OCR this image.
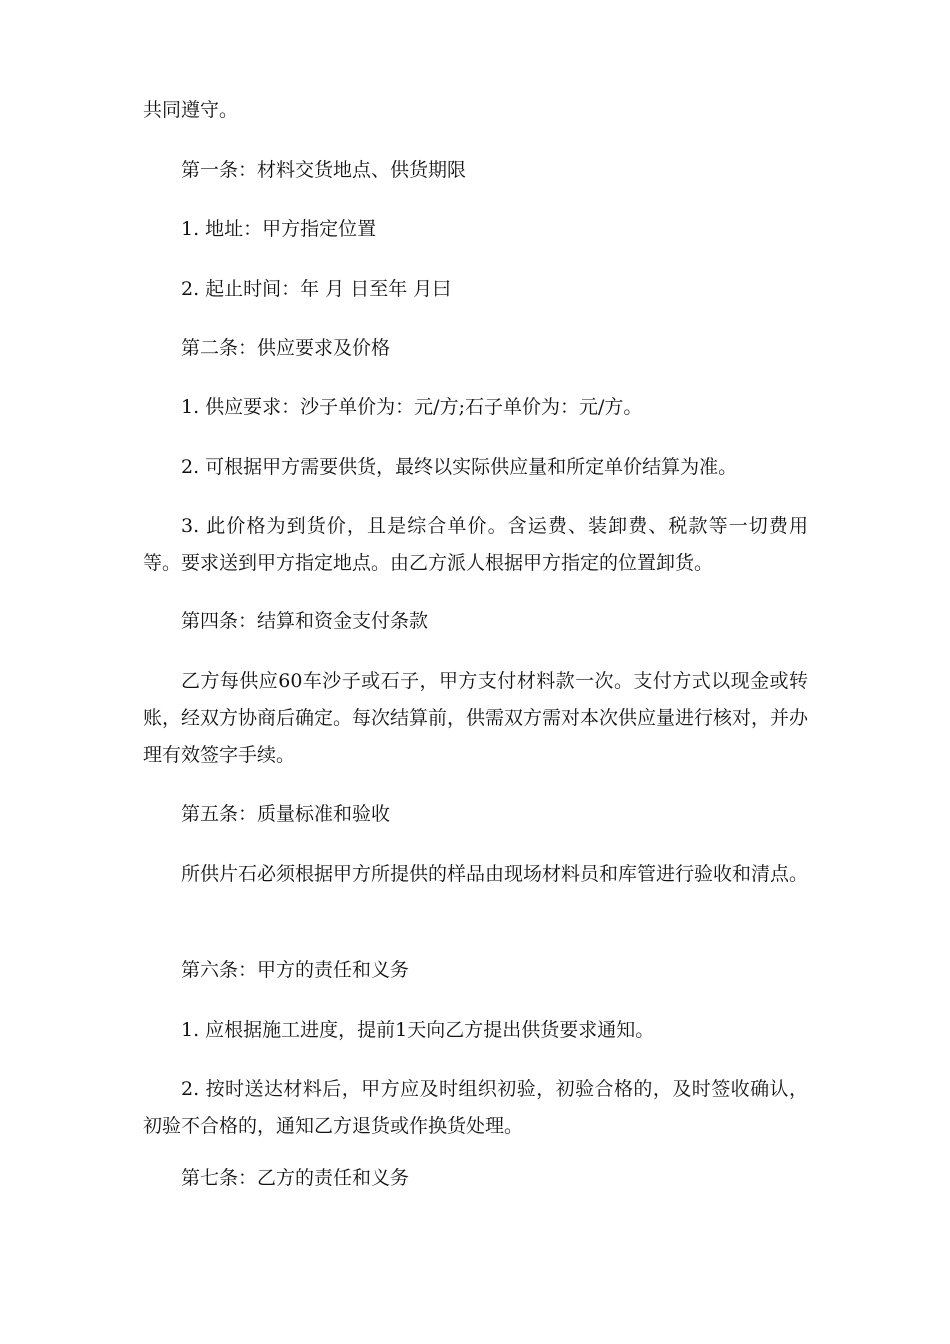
共同遵守。

第一条：材料交货地点、供货期限

1. 地址：甲方指定位置

2. 起止时间：年 月 日至年 月曰

第二条：供应要求及价格

1. 供应要求：沙子单价为：元/方;石子单价为：元/方。

2. 可根据甲方需要供货，最终以实际供应量和所定单价结算为准。

3. 此价格为到货价，且是综合单价。含运费、装卸费、税款等一切费用等。要求送到甲方指定地点。由乙方派人根据甲方指定的位置卸货。

第四条：结算和资金支付条款

乙方每供应60车沙子或石子，甲方支付材料款一次。支付方式以现金或转账，经双方协商后确定。每次结算前，供需双方需对本次供应量进行核对，并办理有效签字手续。

第五条：质量标准和验收

所供片石必须根据甲方所提供的样品由现场材料员和库管进行验收和清点。

第六条：甲方的责任和义务

1. 应根据施工进度，提前1天向乙方提出供货要求通知。

2. 按时送达材料后，甲方应及时组织初验，初验合格的，及时签收确认，初验不合格的，通知乙方退货或作换货处理。

第七条：乙方的责任和义务
